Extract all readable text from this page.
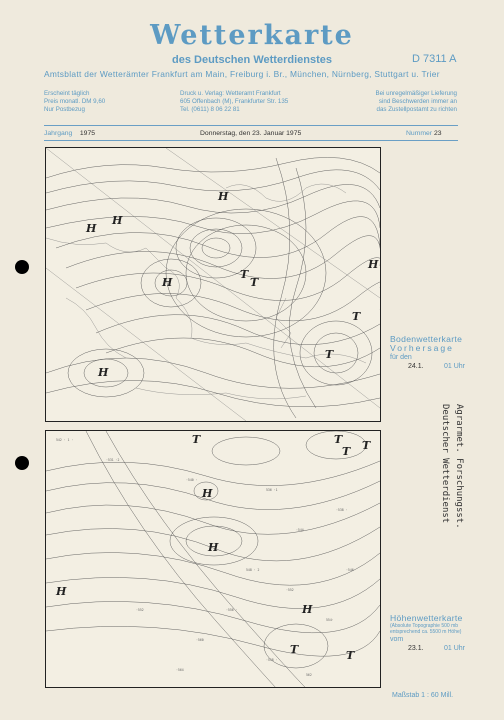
Wetterkarte
des Deutschen Wetterdienstes	D 7311 A
Amtsblatt der Wetterämter Frankfurt am Main, Freiburg i. Br., München, Nürnberg, Stuttgart u. Trier
Erscheint täglich
Preis monatl. DM 9,60
Nur Postbezug
Druck u. Verlag: Wetteramt Frankfurt
605 Offenbach (M), Frankfurter Str. 135
Tel. (0611) 8 06 22 81
Bei unregelmäßiger Lieferung
sind Beschwerden immer an
das Zustellpostamt zu richten
Jahrgang 1975	Donnerstag, den 23. Januar 1975	Nummer 23
H
H
H
T
T
T
H
T
H
H
Bodenwetterkarte
Vorhersage
für den
24.1.	01 Uhr
542 · 1 ·
·531 ·2
·540 ·
536 ·1
·544
·538 ·
548 · 2
·552
·556 ·
554·
·560
·558 ·
562
·564
·552
·546
T	T T
H
H
H
H
T
T
T
Höhenwetterkarte
(Absolute Topographie 500 mb
entsprechend ca. 5500 m Höhe)
vom
23.1.	01 Uhr
Deutscher Wetterdienst Agrarmet. Forschungsst.
Maßstab 1 : 60 Mill.
